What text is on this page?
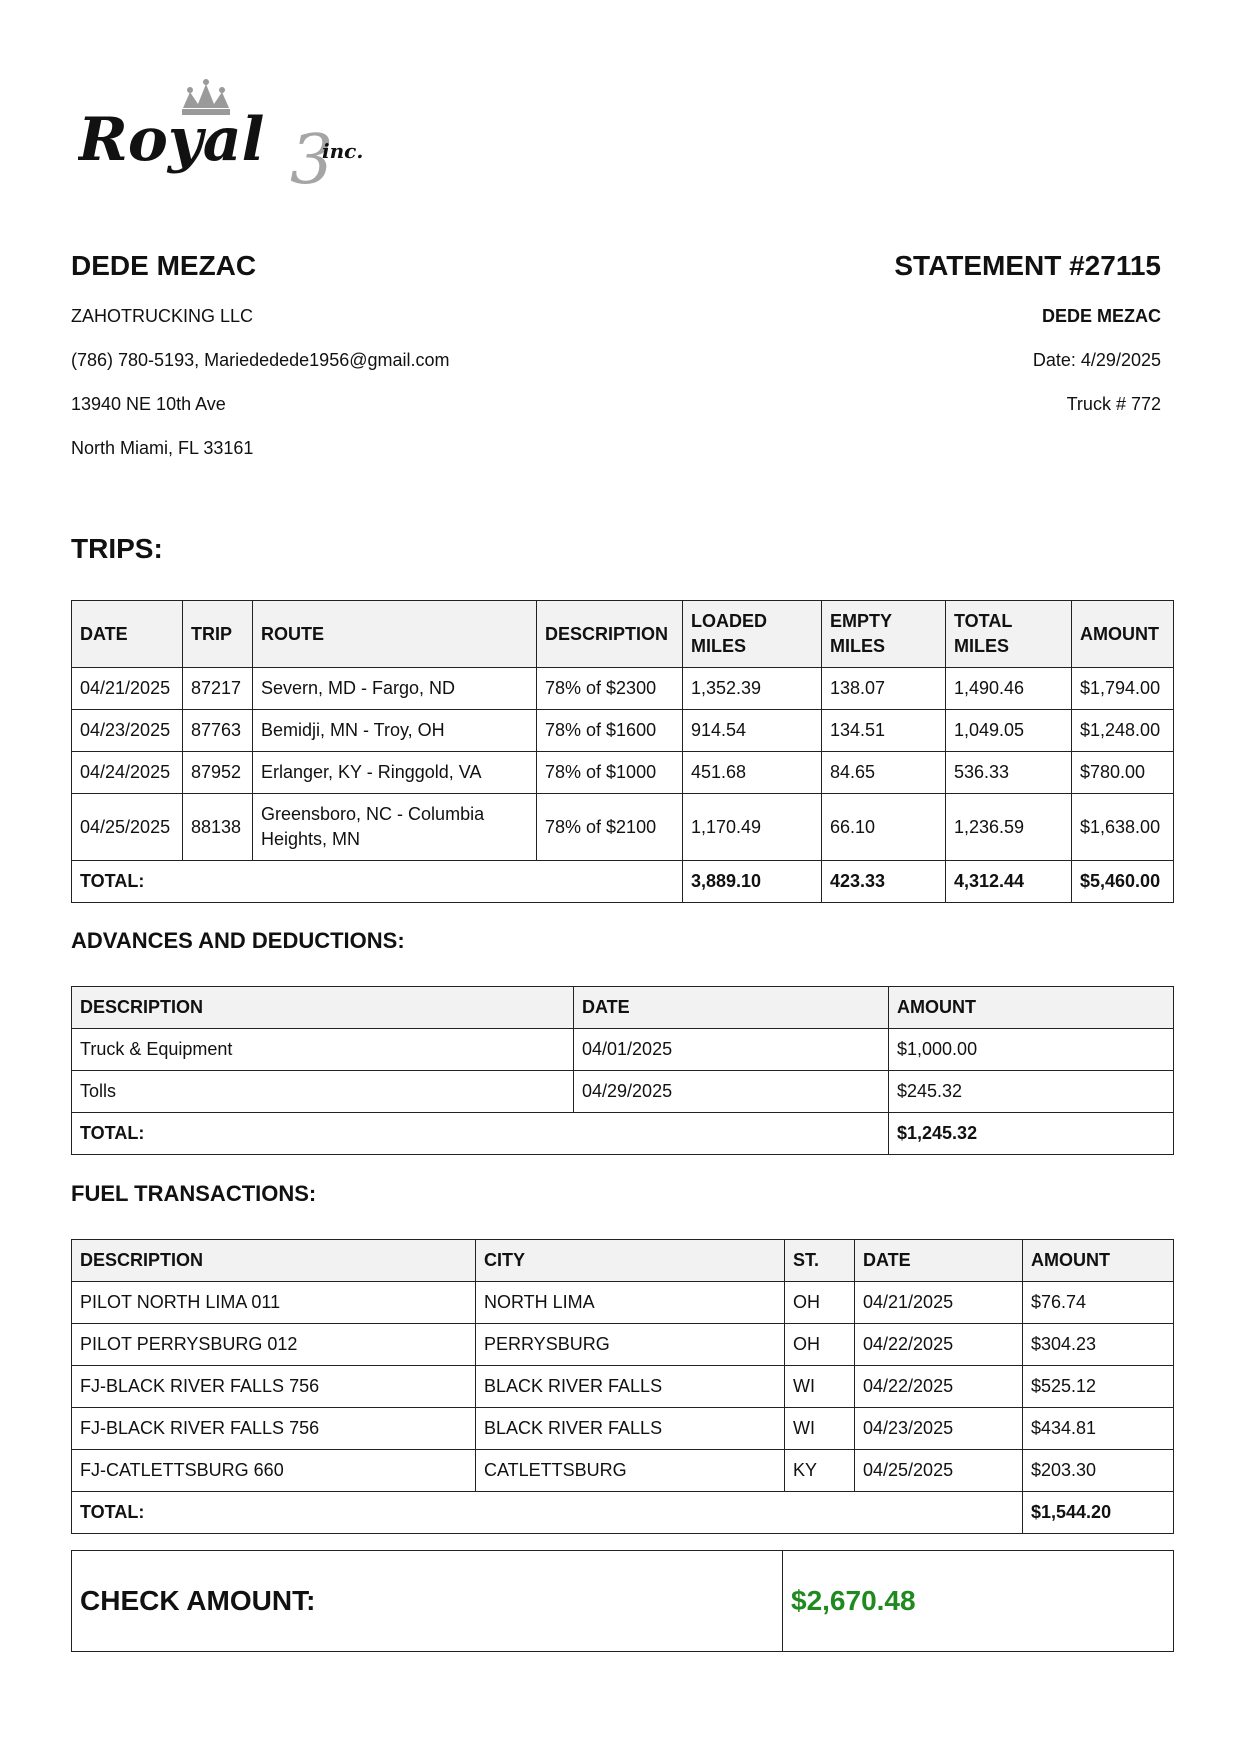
3
Royal	inc.
DEDE MEZAC
ZAHOTRUCKING LLC
(786) 780-5193, Mariededede1956@gmail.com
13940 NE 10th Ave
North Miami, FL 33161
STATEMENT #27115
DEDE MEZAC
Date: 4/29/2025
Truck # 772
TRIPS:
DATE	TRIP	ROUTE	DESCRIPTION	LOADED MILES	EMPTY MILES	TOTAL MILES	AMOUNT
04/21/2025	87217	Severn, MD - Fargo, ND	78% of $2300	1,352.39	138.07	1,490.46	$1,794.00
04/23/2025	87763	Bemidji, MN - Troy, OH	78% of $1600	914.54	134.51	1,049.05	$1,248.00
04/24/2025	87952	Erlanger, KY - Ringgold, VA	78% of $1000	451.68	84.65	536.33	$780.00
04/25/2025	88138	Greensboro, NC - Columbia Heights, MN	78% of $2100	1,170.49	66.10	1,236.59	$1,638.00
TOTAL:				3,889.10	423.33	4,312.44	$5,460.00
ADVANCES AND DEDUCTIONS:
DESCRIPTION	DATE	AMOUNT
Truck & Equipment	04/01/2025	$1,000.00
Tolls	04/29/2025	$245.32
TOTAL:		$1,245.32
FUEL TRANSACTIONS:
DESCRIPTION	CITY	ST.	DATE	AMOUNT
PILOT NORTH LIMA 011	NORTH LIMA	OH	04/21/2025	$76.74
PILOT PERRYSBURG 012	PERRYSBURG	OH	04/22/2025	$304.23
FJ-BLACK RIVER FALLS 756	BLACK RIVER FALLS	WI	04/22/2025	$525.12
FJ-BLACK RIVER FALLS 756	BLACK RIVER FALLS	WI	04/23/2025	$434.81
FJ-CATLETTSBURG 660	CATLETTSBURG	KY	04/25/2025	$203.30
TOTAL:				$1,544.20
CHECK AMOUNT:	$2,670.48
